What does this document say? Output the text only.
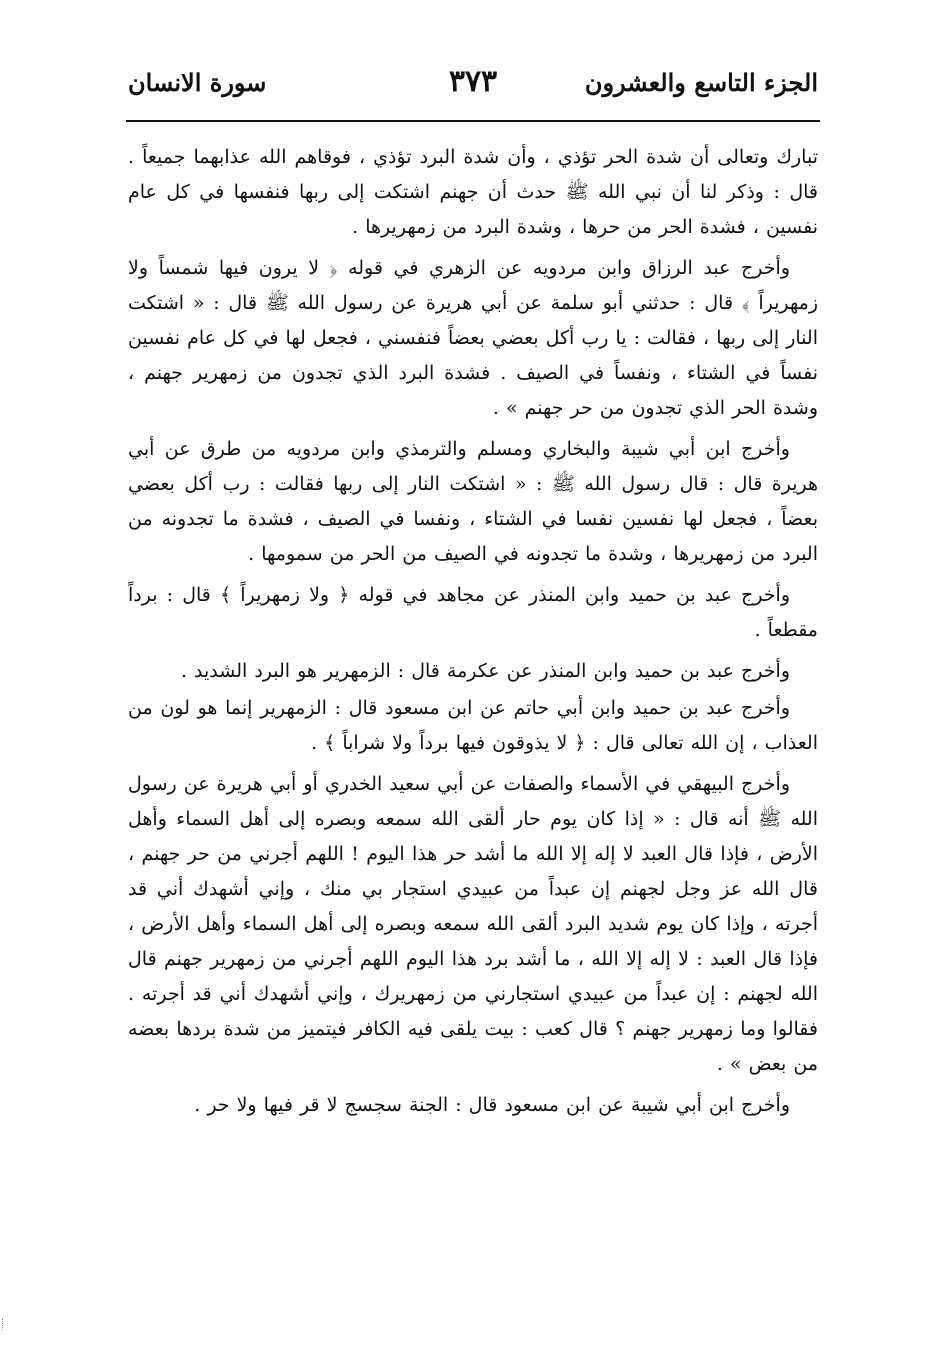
الجزء التاسع والعشرون
٣٧٣
سورة الانسان

تبارك وتعالى أن شدة الحر تؤذي ، وأن شدة البرد تؤذي ، فوقاهم الله عذابهما جميعاً . قال : وذكر لنا أن نبي الله ﷺ حدث أن جهنم اشتكت إلى ربها فنفسها في كل عام نفسين ، فشدة الحر من حرها ، وشدة البرد من زمهريرها .

وأخرج عبد الرزاق وابن مردويه عن الزهري في قوله ﴿ لا يرون فيها شمساً ولا زمهريراً ﴾ قال : حدثني أبو سلمة عن أبي هريرة عن رسول الله ﷺ قال : « اشتكت النار إلى ربها ، فقالت : يا رب أكل بعضي بعضاً فنفسني ، فجعل لها في كل عام نفسين نفساً في الشتاء ، ونفساً في الصيف . فشدة البرد الذي تجدون من زمهرير جهنم ، وشدة الحر الذي تجدون من حر جهنم » .

وأخرج ابن أبي شيبة والبخاري ومسلم والترمذي وابن مردويه من طرق عن أبي هريرة قال : قال رسول الله ﷺ : « اشتكت النار إلى ربها فقالت : رب أكل بعضي بعضاً ، فجعل لها نفسين نفسا في الشتاء ، ونفسا في الصيف ، فشدة ما تجدونه من البرد من زمهريرها ، وشدة ما تجدونه في الصيف من الحر من سمومها .

وأخرج عبد بن حميد وابن المنذر عن مجاهد في قوله ﴿ ولا زمهريراً ﴾ قال : برداً مقطعاً .

وأخرج عبد بن حميد وابن المنذر عن عكرمة قال : الزمهرير هو البرد الشديد .

وأخرج عبد بن حميد وابن أبي حاتم عن ابن مسعود قال : الزمهرير إنما هو لون من العذاب ، إن الله تعالى قال : ﴿ لا يذوقون فيها برداً ولا شراباً ﴾ .

وأخرج البيهقي في الأسماء والصفات عن أبي سعيد الخدري أو أبي هريرة عن رسول الله ﷺ أنه قال : « إذا كان يوم حار ألقى الله سمعه وبصره إلى أهل السماء وأهل الأرض ، فإذا قال العبد لا إله إلا الله ما أشد حر هذا اليوم ! اللهم أجرني من حر جهنم ، قال الله عز وجل لجهنم إن عبداً من عبيدي استجار بي منك ، وإني أشهدك أني قد أجرته ، وإذا كان يوم شديد البرد ألقى الله سمعه وبصره إلى أهل السماء وأهل الأرض ، فإذا قال العبد : لا إله إلا الله ، ما أشد برد هذا اليوم اللهم أجرني من زمهرير جهنم قال الله لجهنم : إن عبداً من عبيدي استجارني من زمهريرك ، وإني أشهدك أني قد أجرته . فقالوا وما زمهرير جهنم ؟ قال كعب : بيت يلقى فيه الكافر فيتميز من شدة بردها بعضه من بعض » .

وأخرج ابن أبي شيبة عن ابن مسعود قال : الجنة سجسج لا قر فيها ولا حر .
